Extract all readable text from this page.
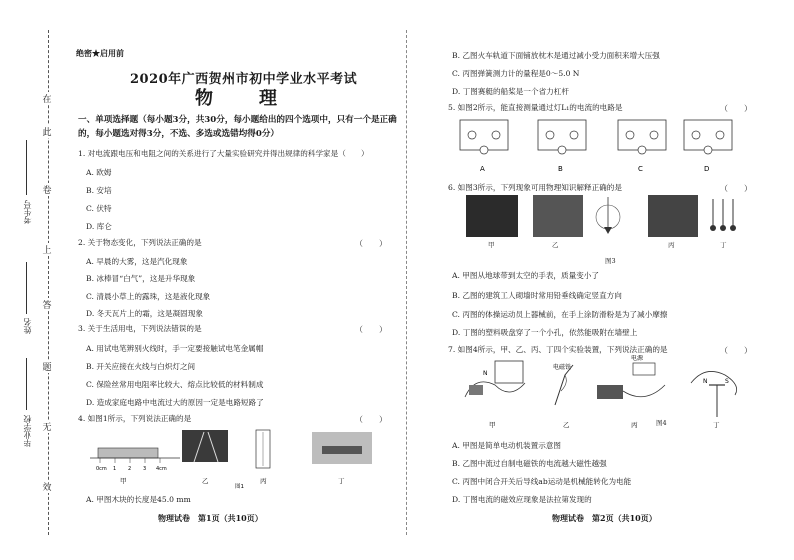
在
此
卷
上
答
题
无
效
考生号
姓名
毕业学校
绝密★启用前
2020年广西贺州市初中学业水平考试
物　理
一、单项选择题（每小题3分，共30分，每小题给出的四个选项中，只有一个是正确的，每小题选对得3分，不选、多选或选错均得0分）
1. 对电流跟电压和电阻之间的关系进行了大量实验研究并得出规律的科学家是（　　）
A. 欧姆
B. 安培
C. 伏特
D. 库仑
2. 关于物态变化，下列说法正确的是	（　　）
A. 早晨的大雾，这是汽化现象
B. 冰棒冒“白气”，这是升华现象
C. 清晨小草上的露珠，这是液化现象
D. 冬天瓦片上的霜，这是凝固现象
3. 关于生活用电，下列说法错误的是	（　　）
A. 用试电笔辨别火线时，手一定要接触试电笔金属帽
B. 开关应接在火线与白炽灯之间
C. 保险丝常用电阻率比较大、熔点比较低的材料制成
D. 造成家庭电路中电流过大的原因一定是电路短路了
4. 如图1所示，下列说法正确的是	（　　）
0cm 1 2 3 4cm
甲	乙	丙	丁
图1
A. 甲图木块的长度是45.0 mm
B. 乙图火车轨道下面铺放枕木是通过减小受力面积来增大压强
C. 丙图弹簧测力计的量程是0～5.0 N
D. 丁图赛艇的船桨是一个省力杠杆
5. 如图2所示，能直接测量通过灯L₁的电流的电路是	（　　）
A	B	C	D
6. 如图3所示，下列现象可用物理知识解释正确的是	（　　）
甲	乙
图3
丙	丁
A. 甲图从地球带到太空的手表，质量变小了
B. 乙图的建筑工人砌墙时常用铅垂线确定竖直方向
C. 丙图的体操运动员上器械前，在手上涂防滑粉是为了减小摩擦
D. 丁图的塑料吸盘穿了一个小孔，依然能吸附在墙壁上
7. 如图4所示，甲、乙、丙、丁四个实验装置，下列说法正确的是	（　　）
N
电磁铁
电源
N	S
甲	乙	丙	丁
图4
A. 甲图是简单电动机装置示意图
B. 乙图中流过自制电磁铁的电流越大磁性越强
C. 丙图中闭合开关后导线ab运动是机械能转化为电能
D. 丁图电流的磁效应现象是法拉第发现的
物理试卷　第1页（共10页）	物理试卷　第2页（共10页）
